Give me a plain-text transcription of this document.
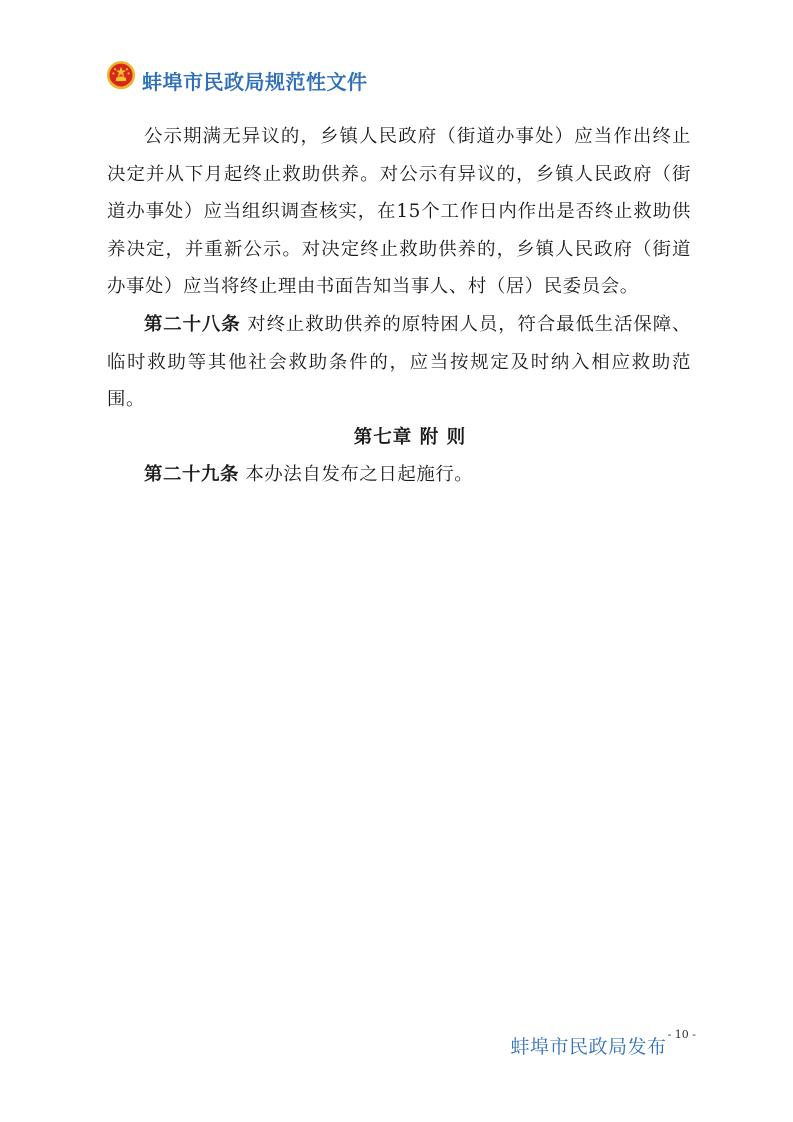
蚌埠市民政局规范性文件

公示期满无异议的，乡镇人民政府（街道办事处）应当作出终止决定并从下月起终止救助供养。对公示有异议的，乡镇人民政府（街道办事处）应当组织调查核实，在15个工作日内作出是否终止救助供养决定，并重新公示。对决定终止救助供养的，乡镇人民政府（街道办事处）应当将终止理由书面告知当事人、村（居）民委员会。

第二十八条 对终止救助供养的原特困人员，符合最低生活保障、临时救助等其他社会救助条件的，应当按规定及时纳入相应救助范围。

第七章 附 则

第二十九条 本办法自发布之日起施行。

蚌埠市民政局发布
- 10 -
